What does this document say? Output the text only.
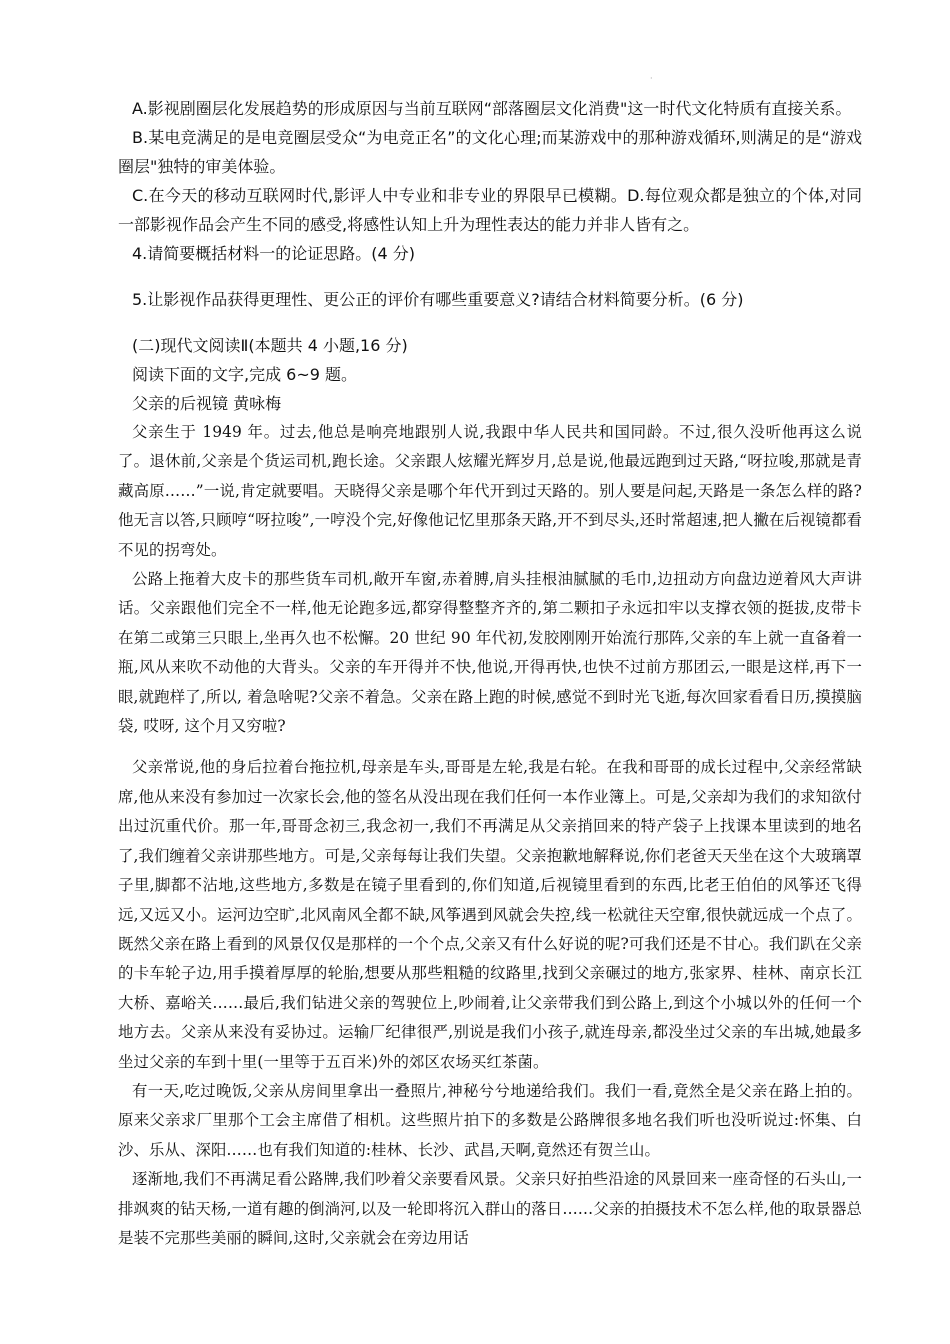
·

A.影视剧圈层化发展趋势的形成原因与当前互联网“部落圈层文化消费"这一时代文化特质有直接关系。

B.某电竞满足的是电竞圈层受众“为电竞正名”的文化心理;而某游戏中的那种游戏循环,则满足的是“游戏圈层"独特的审美体验。

C.在今天的移动互联网时代,影评人中专业和非专业的界限早已模糊。D.每位观众都是独立的个体,对同一部影视作品会产生不同的感受,将感性认知上升为理性表达的能力并非人皆有之。

4.请简要概括材料一的论证思路。(4 分)

5.让影视作品获得更理性、更公正的评价有哪些重要意义?请结合材料简要分析。(6 分)

(二)现代文阅读Ⅱ(本题共 4 小题,16 分)

阅读下面的文字,完成 6~9 题。

父亲的后视镜 黄咏梅

父亲生于 1949 年。过去,他总是响亮地跟别人说,我跟中华人民共和国同龄。不过,很久没听他再这么说了。退休前,父亲是个货运司机,跑长途。父亲跟人炫耀光辉岁月,总是说,他最远跑到过天路,“呀拉唆,那就是青藏高原……”一说,肯定就要唱。天晓得父亲是哪个年代开到过天路的。别人要是问起,天路是一条怎么样的路?他无言以答,只顾哼“呀拉唆”,一哼没个完,好像他记忆里那条天路,开不到尽头,还时常超速,把人撇在后视镜都看不见的拐弯处。

公路上拖着大皮卡的那些货车司机,敞开车窗,赤着膊,肩头挂根油腻腻的毛巾,边扭动方向盘边逆着风大声讲话。父亲跟他们完全不一样,他无论跑多远,都穿得整整齐齐的,第二颗扣子永远扣牢以支撑衣领的挺拔,皮带卡在第二或第三只眼上,坐再久也不松懈。20 世纪 90 年代初,发胶刚刚开始流行那阵,父亲的车上就一直备着一瓶,风从来吹不动他的大背头。父亲的车开得并不快,他说,开得再快,也快不过前方那团云,一眼是这样,再下一眼,就跑样了,所以, 着急啥呢?父亲不着急。父亲在路上跑的时候,感觉不到时光飞逝,每次回家看看日历,摸摸脑袋, 哎呀, 这个月又穷啦?

父亲常说,他的身后拉着台拖拉机,母亲是车头,哥哥是左轮,我是右轮。在我和哥哥的成长过程中,父亲经常缺席,他从来没有参加过一次家长会,他的签名从没出现在我们任何一本作业簿上。可是,父亲却为我们的求知欲付出过沉重代价。那一年,哥哥念初三,我念初一,我们不再满足从父亲捎回来的特产袋子上找课本里读到的地名了,我们缠着父亲讲那些地方。可是,父亲每每让我们失望。父亲抱歉地解释说,你们老爸天天坐在这个大玻璃罩子里,脚都不沾地,这些地方,多数是在镜子里看到的,你们知道,后视镜里看到的东西,比老王伯伯的风筝还飞得远,又远又小。运河边空旷,北风南风全都不缺,风筝遇到风就会失控,线一松就往天空窜,很快就远成一个点了。既然父亲在路上看到的风景仅仅是那样的一个个点,父亲又有什么好说的呢?可我们还是不甘心。我们趴在父亲的卡车轮子边,用手摸着厚厚的轮胎,想要从那些粗糙的纹路里,找到父亲碾过的地方,张家界、桂林、南京长江大桥、嘉峪关……最后,我们钻进父亲的驾驶位上,吵闹着,让父亲带我们到公路上,到这个小城以外的任何一个地方去。父亲从来没有妥协过。运输厂纪律很严,别说是我们小孩子,就连母亲,都没坐过父亲的车出城,她最多坐过父亲的车到十里(一里等于五百米)外的郊区农场买红茶菌。

有一天,吃过晚饭,父亲从房间里拿出一叠照片,神秘兮兮地递给我们。我们一看,竟然全是父亲在路上拍的。原来父亲求厂里那个工会主席借了相机。这些照片拍下的多数是公路牌很多地名我们听也没听说过:怀集、白沙、乐从、深阳……也有我们知道的:桂林、长沙、武昌,天啊,竟然还有贺兰山。

逐渐地,我们不再满足看公路牌,我们吵着父亲要看风景。父亲只好拍些沿途的风景回来一座奇怪的石头山,一排飒爽的钻天杨,一道有趣的倒淌河,以及一轮即将沉入群山的落日……父亲的拍摄技术不怎么样,他的取景器总是装不完那些美丽的瞬间,这时,父亲就会在旁边用话
